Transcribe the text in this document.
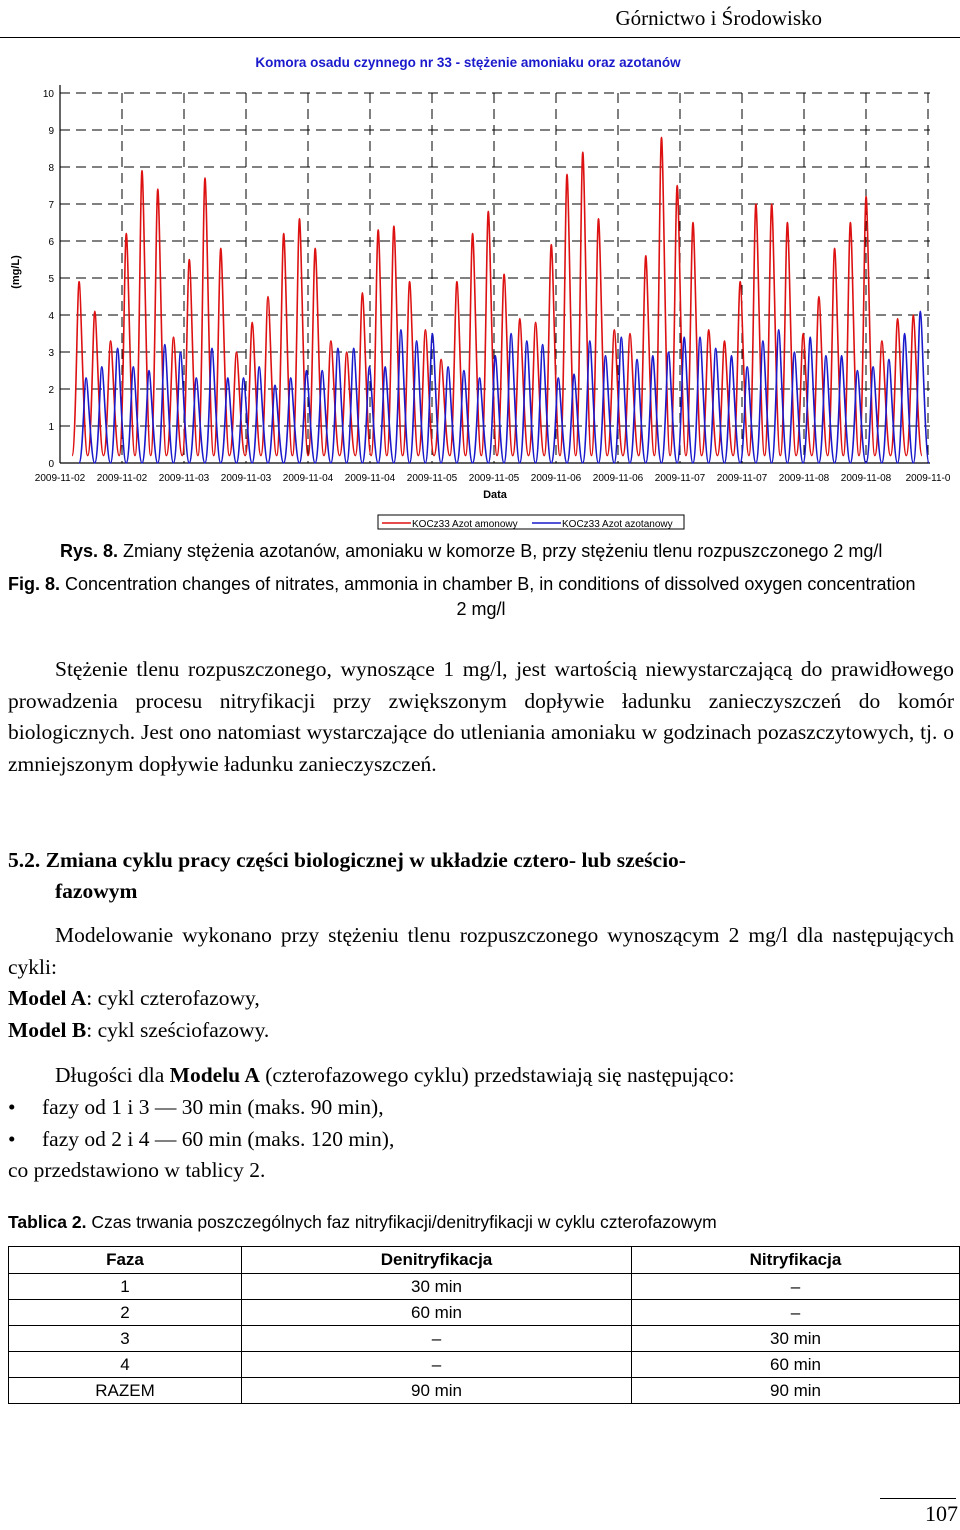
Górnictwo i Środowisko
Komora osadu czynnego nr 33 - stężenie amoniaku oraz azotanów
(mg/L)
Data
0
1
2
3
4
5
6
7
8
9
10
2009-11-02 2009-11-02 2009-11-03 2009-11-03 2009-11-04 2009-11-04 2009-11-05 2009-11-05 2009-11-06 2009-11-06 2009-11-07 2009-11-07 2009-11-08 2009-11-08 2009-11-0
KOCz33 Azot amonowy	KOCz33 Azot azotanowy
Rys. 8. Zmiany stężenia azotanów, amoniaku w komorze B, przy stężeniu tlenu rozpuszczonego 2 mg/l
Fig. 8. Concentration changes of nitrates, ammonia in chamber B, in conditions of dissolved oxygen concentration
2 mg/l

Stężenie tlenu rozpuszczonego, wynoszące 1 mg/l, jest wartością niewystarczającą do prawidłowego prowadzenia procesu nitryfikacji przy zwiększonym dopływie ładunku zanieczyszczeń do komór biologicznych. Jest ono natomiast wystarczające do utleniania amoniaku w godzinach pozaszczytowych, tj. o zmniejszonym dopływie ładunku zanieczyszczeń.

5.2. Zmiana cyklu pracy części biologicznej w układzie cztero- lub sześcio-
fazowym

Modelowanie wykonano przy stężeniu tlenu rozpuszczonego wynoszącym 2 mg/l dla następujących cykli:

Model A: cykl czterofazowy,

Model B: cykl sześciofazowy.

Długości dla Modelu A (czterofazowego cyklu) przedstawiają się następująco:

•	fazy od 1 i 3 — 30 min (maks. 90 min),
•	fazy od 2 i 4 — 60 min (maks. 120 min),
co przedstawiono w tablicy 2.
Tablica 2. Czas trwania poszczególnych faz nitryfikacji/denitryfikacji w cyklu czterofazowym
Faza	Denitryfikacja	Nitryfikacja
1	30 min	–
2	60 min	–
3	–	30 min
4	–	60 min
RAZEM	90 min	90 min
107
